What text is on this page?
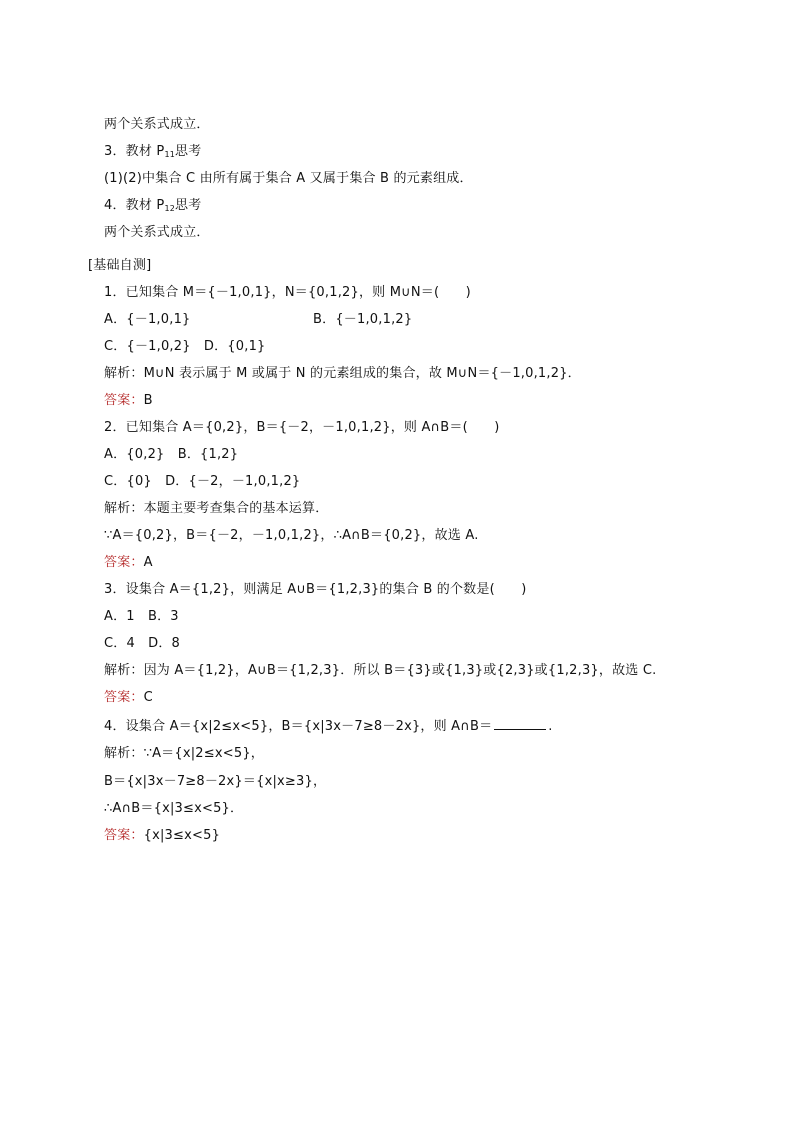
两个关系式成立．
3．教材 $P_{11}$思考
(1)(2)中集合 C 由所有属于集合 A 又属于集合 B 的元素组成．
4．教材 $P_{12}$思考
两个关系式成立．
[基础自测]
1．已知集合 M＝{－1,0,1}，N＝{0,1,2}，则 M∪N＝(　　)
A．{－1,0,1}	B．{－1,0,1,2}
C．{－1,0,2}　D．{0,1}
解析：M∪N 表示属于 M 或属于 N 的元素组成的集合，故 M∪N＝{－1,0,1,2}．
答案：B
2．已知集合 A＝{0,2}，B＝{－2，－1,0,1,2}，则 A∩B＝(　　)
A．{0,2}　B．{1,2}
C．{0}　D．{－2，－1,0,1,2}
解析：本题主要考查集合的基本运算．
∵A＝{0,2}，B＝{－2，－1,0,1,2}，∴A∩B＝{0,2}，故选 A.
答案：A
3．设集合 A＝{1,2}，则满足 A∪B＝{1,2,3}的集合 B 的个数是(　　)
A．1　B．3
C．4　D．8
解析：因为 A＝{1,2}，A∪B＝{1,2,3}．所以 B＝{3}或{1,3}或{2,3}或{1,2,3}，故选 C.
答案：C
4．设集合 A＝{x|2≤x<5}，B＝{x|3x－7≥8－2x}，则 A∩B＝	.
解析：∵A＝{x|2≤x<5}，
B＝{x|3x－7≥8－2x}＝{x|x≥3}，
∴A∩B＝{x|3≤x<5}．
答案：{x|3≤x<5}
